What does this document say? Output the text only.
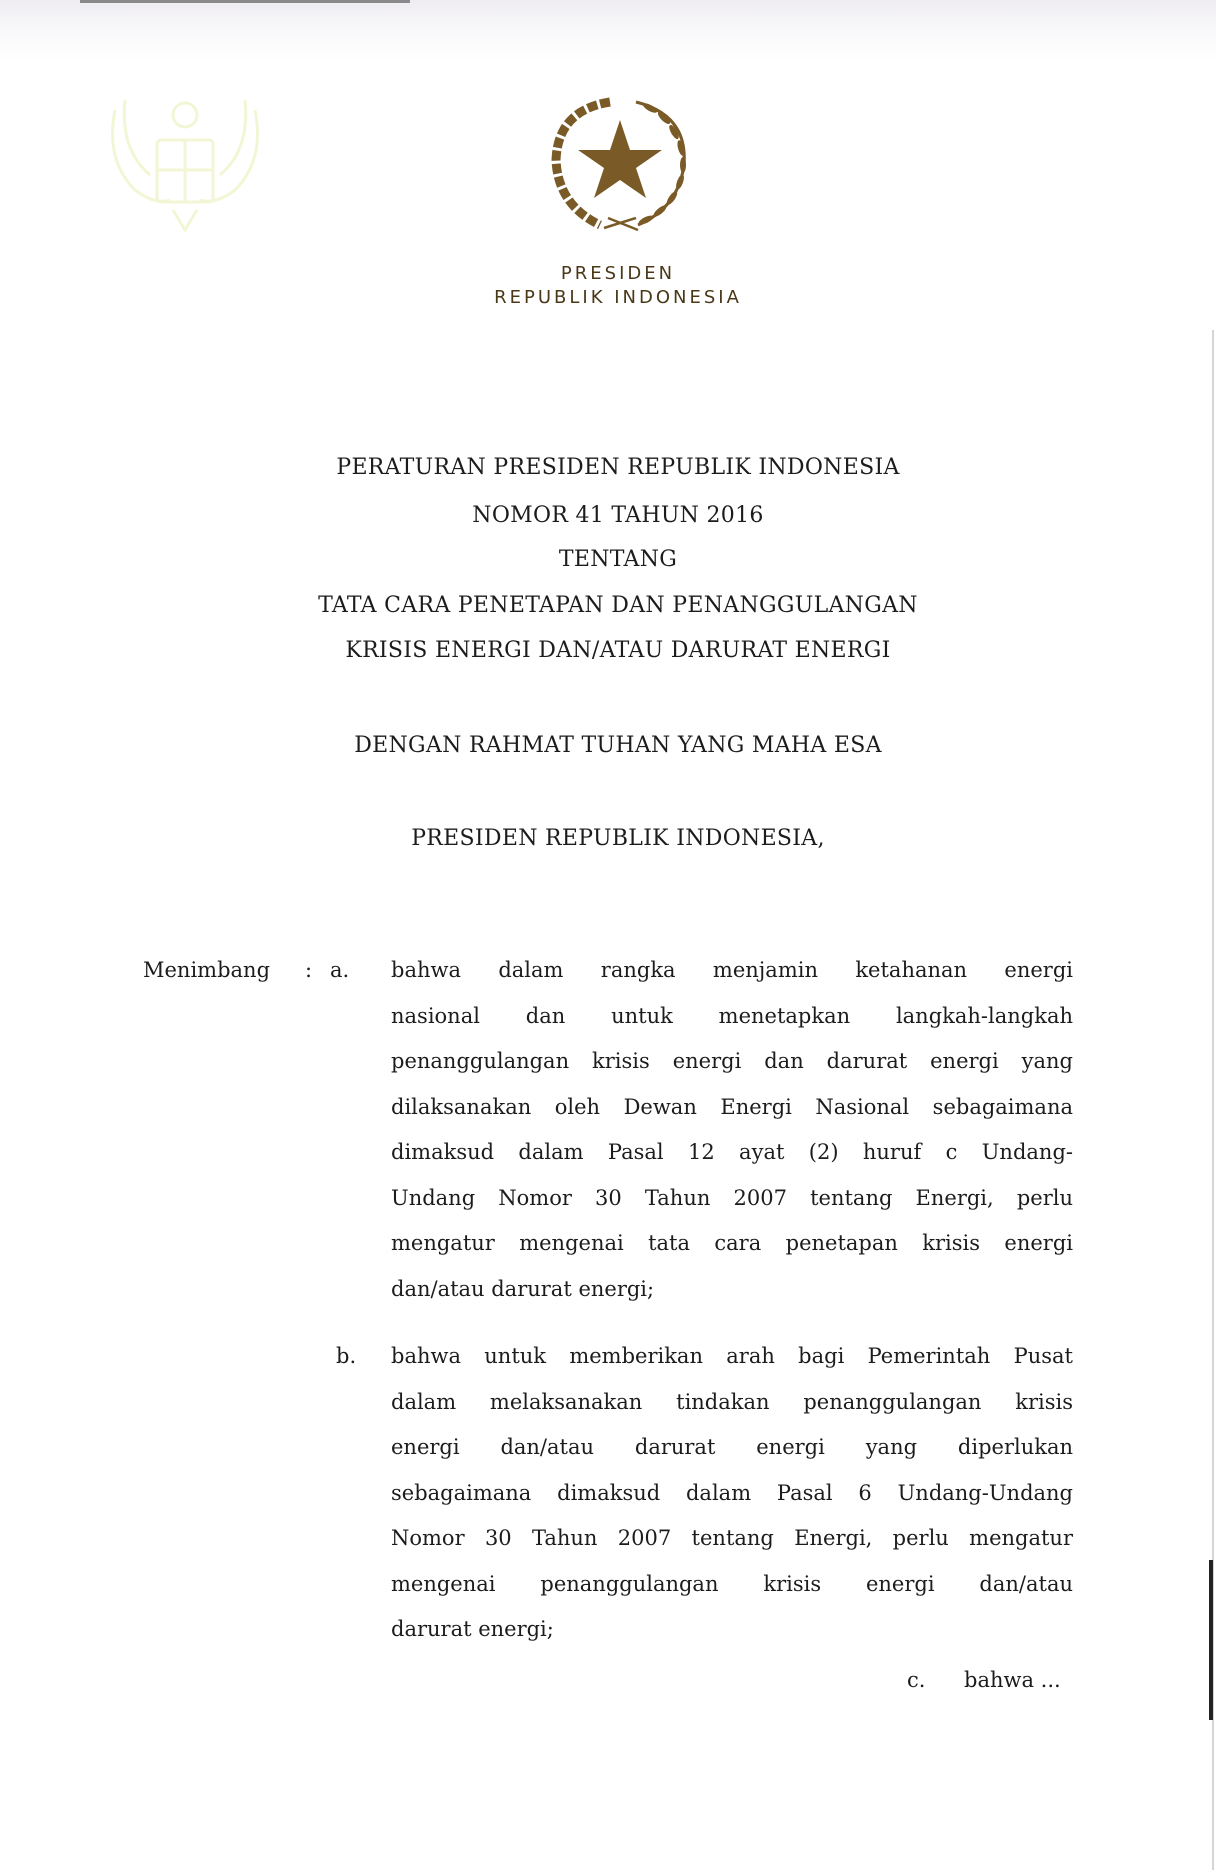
PRESIDEN
REPUBLIK INDONESIA
PERATURAN PRESIDEN REPUBLIK INDONESIA
NOMOR 41 TAHUN 2016
TENTANG
TATA CARA PENETAPAN DAN PENANGGULANGAN
KRISIS ENERGI DAN/ATAU DARURAT ENERGI
DENGAN RAHMAT TUHAN YANG MAHA ESA
PRESIDEN REPUBLIK INDONESIA,
Menimbang : a. bahwa dalam rangka menjamin ketahanan energi
nasional dan untuk menetapkan langkah-langkah
penanggulangan krisis energi dan darurat energi yang
dilaksanakan oleh Dewan Energi Nasional sebagaimana
dimaksud dalam Pasal 12 ayat (2) huruf c Undang-
Undang Nomor 30 Tahun 2007 tentang Energi, perlu
mengatur mengenai tata cara penetapan krisis energi
dan/atau darurat energi;
b. bahwa untuk memberikan arah bagi Pemerintah Pusat
dalam melaksanakan tindakan penanggulangan krisis
energi dan/atau darurat energi yang diperlukan
sebagaimana dimaksud dalam Pasal 6 Undang-Undang
Nomor 30 Tahun 2007 tentang Energi, perlu mengatur
mengenai penanggulangan krisis energi dan/atau
darurat energi;
c. bahwa ...
